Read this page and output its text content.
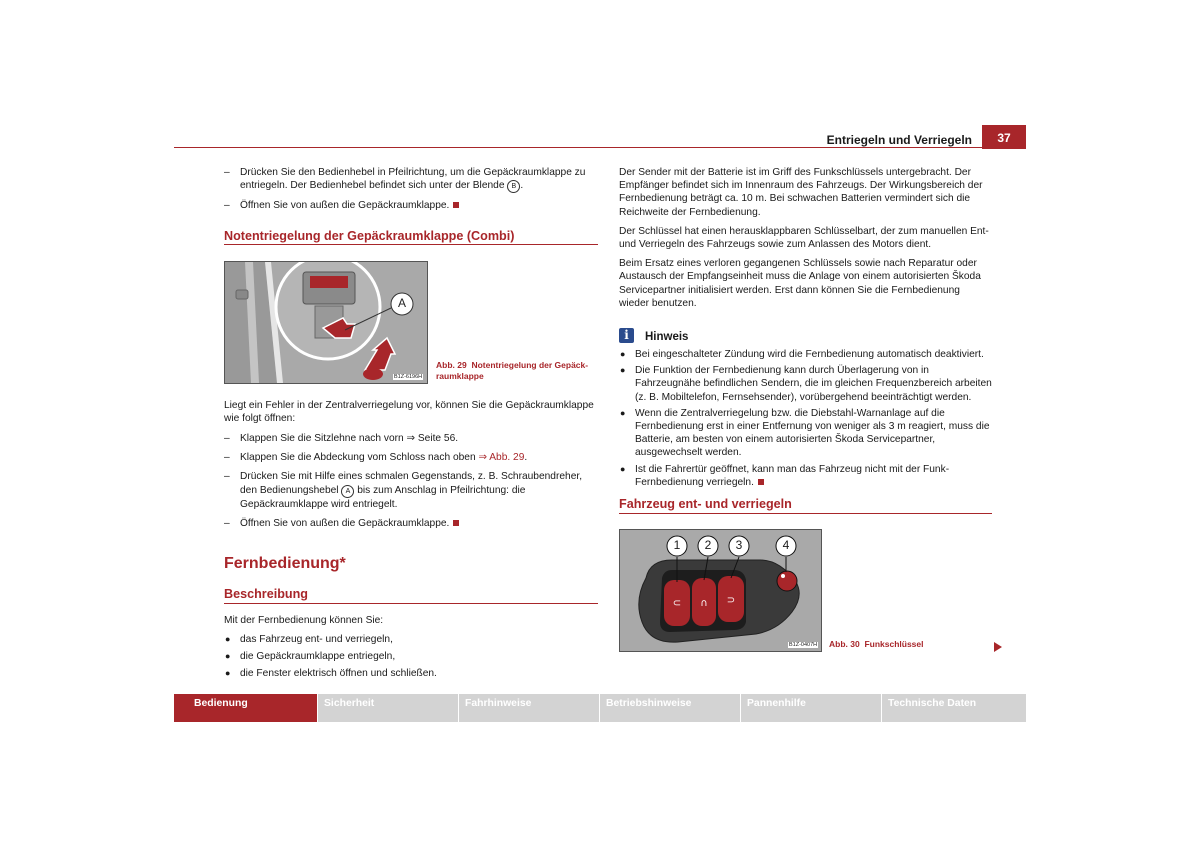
Entriegeln und Verriegeln	37
– Drücken Sie den Bedienhebel in Pfeilrichtung, um die Gepäckraumklappe zu entriegeln. Der Bedienhebel befindet sich unter der Blende B .
– Öffnen Sie von außen die Gepäckraumklappe.
Notentriegelung der Gepäckraumklappe (Combi)
A
B1Z-6196H
Abb. 29 Notentriegelung der Gepäck-raumklappe
Liegt ein Fehler in der Zentralverriegelung vor, können Sie die Gepäckraumklappe wie folgt öffnen:
– Klappen Sie die Sitzlehne nach vorn ⇒ Seite 56.
– Klappen Sie die Abdeckung vom Schloss nach oben ⇒ Abb. 29.
– Drücken Sie mit Hilfe eines schmalen Gegenstands, z. B. Schraubendreher, den Bedienungshebel A bis zum Anschlag in Pfeilrichtung: die Gepäckraumklappe wird entriegelt.
– Öffnen Sie von außen die Gepäckraumklappe.
Fernbedienung*
Beschreibung
Mit der Fernbedienung können Sie:
● das Fahrzeug ent- und verriegeln,
● die Gepäckraumklappe entriegeln,
● die Fenster elektrisch öffnen und schließen.
Der Sender mit der Batterie ist im Griff des Funkschlüssels untergebracht. Der Empfänger befindet sich im Innenraum des Fahrzeugs. Der Wirkungsbereich der Fernbedienung beträgt ca. 10 m. Bei schwachen Batterien vermindert sich die Reichweite der Fernbedienung.
Der Schlüssel hat einen herausklappbaren Schlüsselbart, der zum manuellen Ent- und Verriegeln des Fahrzeugs sowie zum Anlassen des Motors dient.
Beim Ersatz eines verloren gegangenen Schlüssels sowie nach Reparatur oder Austausch der Empfangseinheit muss die Anlage von einem autorisierten Škoda Servicepartner initialisiert werden. Erst dann können Sie die Fernbedienung wieder benutzen.
i	Hinweis
● Bei eingeschalteter Zündung wird die Fernbedienung automatisch deaktiviert.
● Die Funktion der Fernbedienung kann durch Überlagerung von in Fahrzeugnähe befindlichen Sendern, die im gleichen Frequenzbereich arbeiten (z. B. Mobiltelefon, Fernsehsender), vorübergehend beeinträchtigt werden.
● Wenn die Zentralverriegelung bzw. die Diebstahl-Warnanlage auf die Fernbedienung erst in einer Entfernung von weniger als 3 m reagiert, muss die Batterie, am besten von einem autorisierten Škoda Servicepartner, ausgewechselt werden.
● Ist die Fahrertür geöffnet, kann man das Fahrzeug nicht mit der Funk-Fernbedienung verriegeln.
Fahrzeug ent- und verriegeln
⊂ ∩ ⊃
1	2	3	4
B1Z-0407H Abb. 30 Funkschlüssel
Bedienung	Sicherheit	Fahrhinweise	Betriebshinweise	Pannenhilfe	Technische Daten
